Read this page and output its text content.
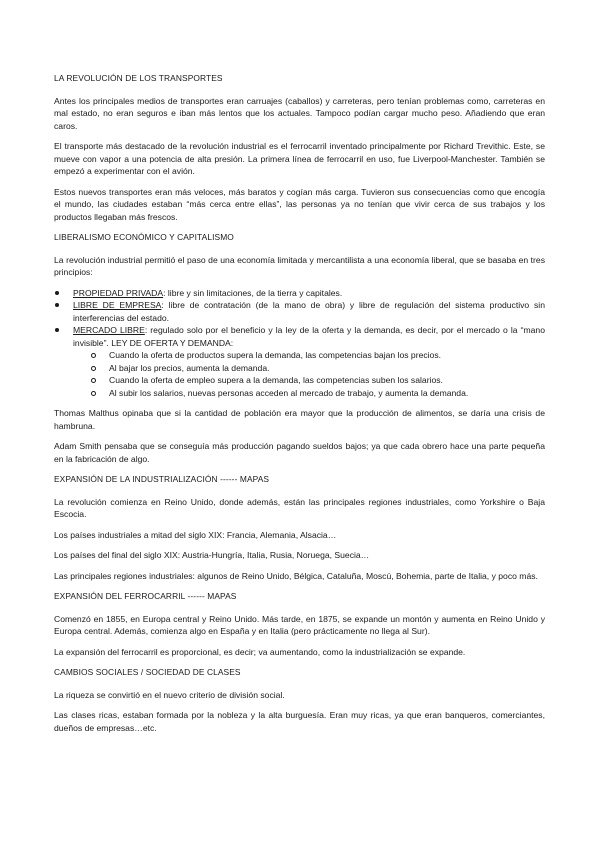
LA REVOLUCIÓN DE LOS TRANSPORTES

Antes los principales medios de transportes eran carruajes (caballos) y carreteras, pero tenían problemas como, carreteras en mal estado, no eran seguros e iban más lentos que los actuales. Tampoco podían cargar mucho peso. Añadiendo que eran caros.

El transporte más destacado de la revolución industrial es el ferrocarril inventado principalmente por Richard Trevithic. Este, se mueve con vapor a una potencia de alta presión. La primera línea de ferrocarril en uso, fue Liverpool-Manchester. También se empezó a experimentar con el avión.

Estos nuevos transportes eran más veloces, más baratos y cogían más carga. Tuvieron sus consecuencias como que encogía el mundo, las ciudades estaban “más cerca entre ellas”, las personas ya no tenían que vivir cerca de sus trabajos y los productos llegaban más frescos.

LIBERALISMO ECONÓMICO Y CAPITALISMO

La revolución industrial permitió el paso de una economía limitada y mercantilista a una economía liberal, que se basaba en tres principios:

PROPIEDAD PRIVADA: libre y sin limitaciones, de la tierra y capitales.
LIBRE DE EMPRESA: libre de contratación (de la mano de obra) y libre de regulación del sistema productivo sin interferencias del estado.
MERCADO LIBRE: regulado solo por el beneficio y la ley de la oferta y la demanda, es decir, por el mercado o la “mano invisible”. LEY DE OFERTA Y DEMANDA:
Cuando la oferta de productos supera la demanda, las competencias bajan los precios.
Al bajar los precios, aumenta la demanda.
Cuando la oferta de empleo supera a la demanda, las competencias suben los salarios.
Al subir los salarios, nuevas personas acceden al mercado de trabajo, y aumenta la demanda.

Thomas Malthus opinaba que si la cantidad de población era mayor que la producción de alimentos, se daría una crisis de hambruna.

Adam Smith pensaba que se conseguía más producción pagando sueldos bajos; ya que cada obrero hace una parte pequeña en la fabricación de algo.

EXPANSIÓN DE LA INDUSTRIALIZACIÓN ------ MAPAS

La revolución comienza en Reino Unido, donde además, están las principales regiones industriales, como Yorkshire o Baja Escocia.

Los países industriales a mitad del siglo XIX: Francia, Alemania, Alsacia…

Los países del final del siglo XIX: Austria-Hungría, Italia, Rusia, Noruega, Suecia…

Las principales regiones industriales: algunos de Reino Unido, Bélgica, Cataluña, Moscú, Bohemia, parte de Italia, y poco más.

EXPANSIÓN DEL FERROCARRIL ------ MAPAS

Comenzó en 1855, en Europa central y Reino Unido. Más tarde, en 1875, se expande un montón y aumenta en Reino Unido y Europa central. Además, comienza algo en España y en Italia (pero prácticamente no llega al Sur).

La expansión del ferrocarril es proporcional, es decir; va aumentando, como la industrialización se expande.

CAMBIOS SOCIALES / SOCIEDAD DE CLASES

La riqueza se convirtió en el nuevo criterio de división social.

Las clases ricas, estaban formada por la nobleza y la alta burguesía. Eran muy ricas, ya que eran banqueros, comerciantes, dueños de empresas…etc.
